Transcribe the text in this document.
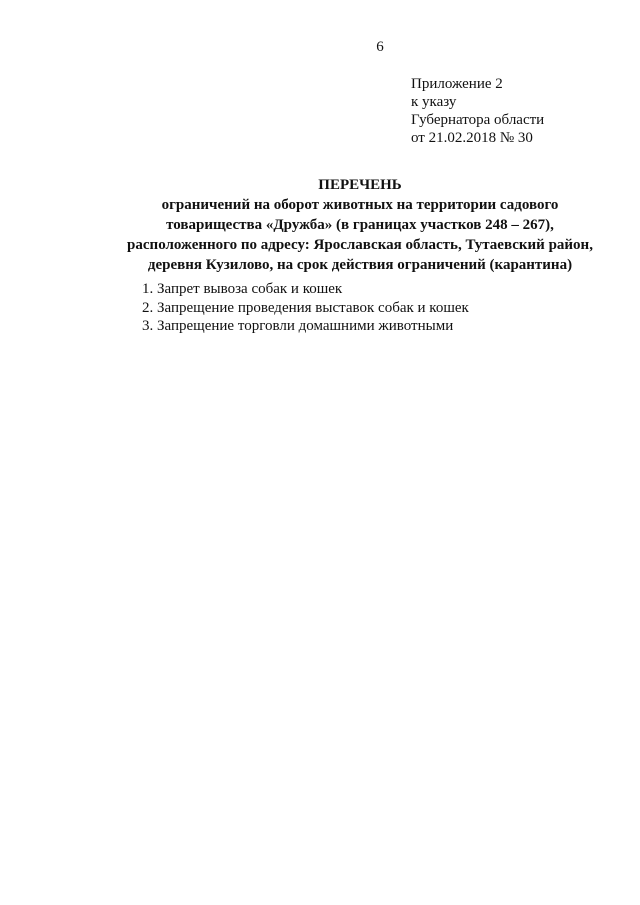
6
Приложение 2
к указу
Губернатора области
от 21.02.2018 № 30
ПЕРЕЧЕНЬ
ограничений на оборот животных на территории садового
товарищества «Дружба» (в границах участков 248 – 267),
расположенного по адресу: Ярославская область, Тутаевский район,
деревня Кузилово, на срок действия ограничений (карантина)
1. Запрет вывоза собак и кошек
2. Запрещение проведения выставок собак и кошек
3. Запрещение торговли домашними животными
